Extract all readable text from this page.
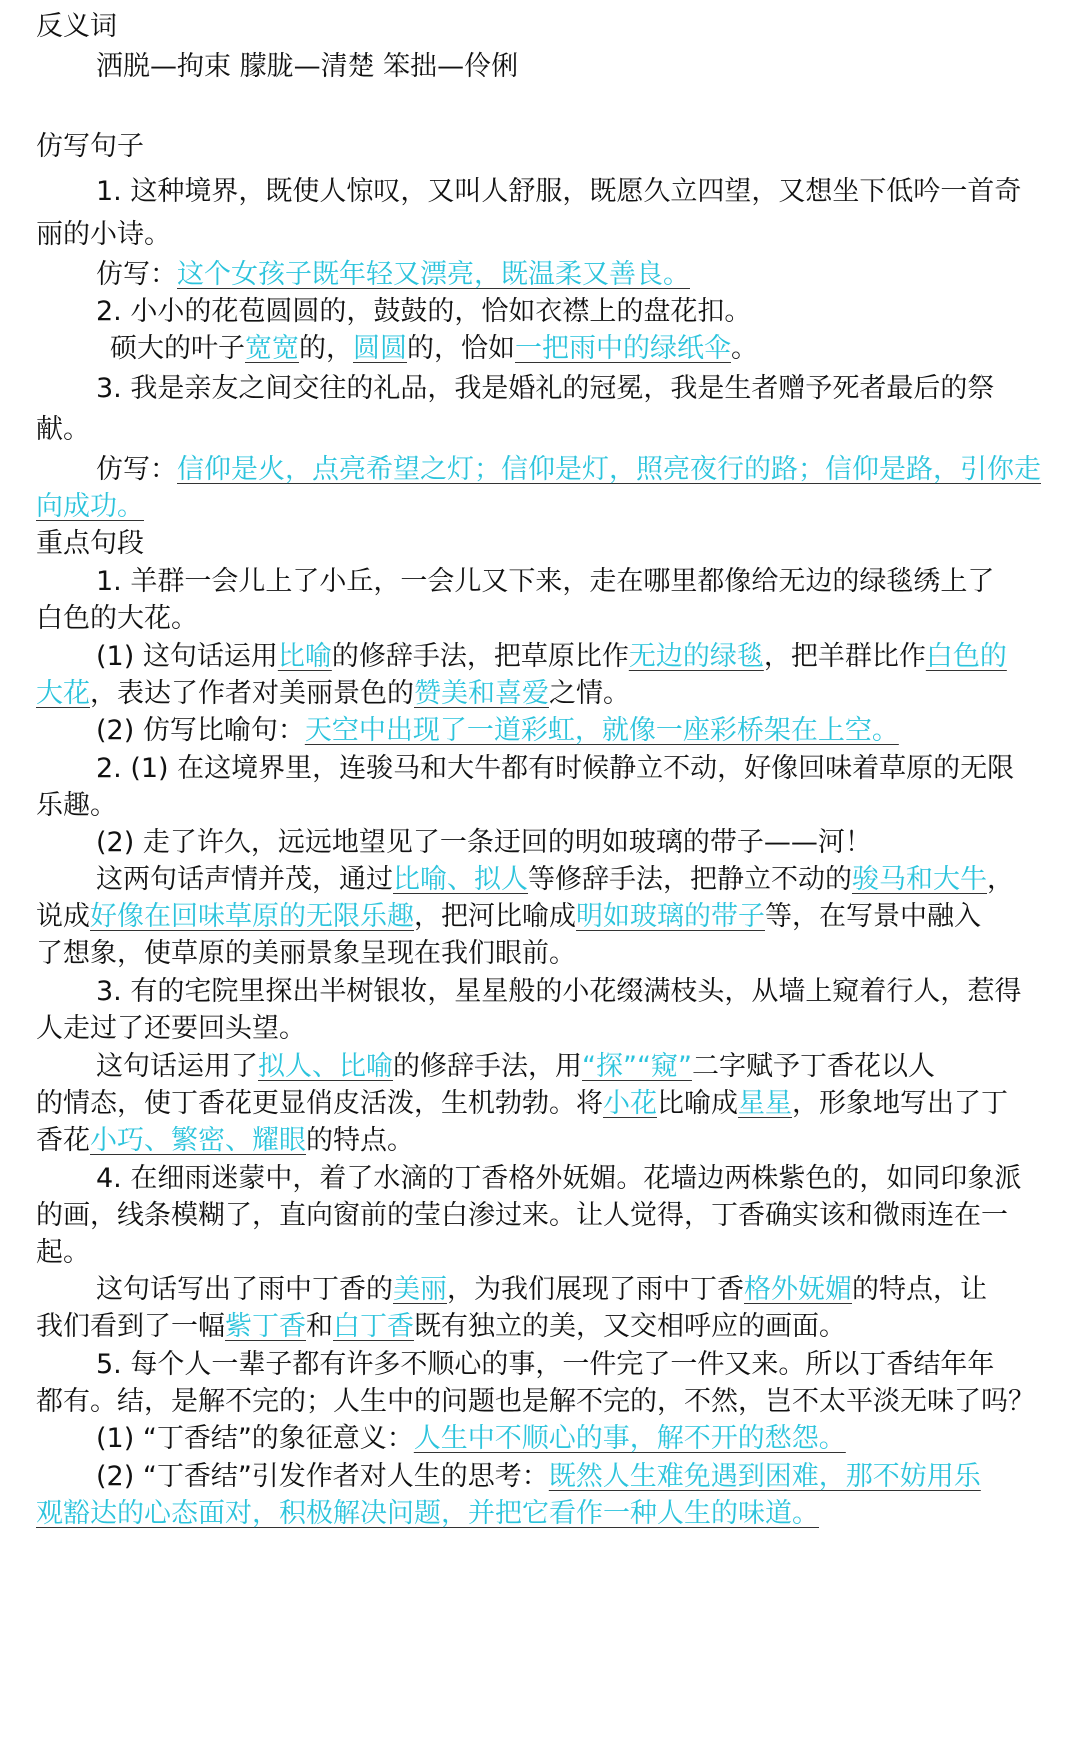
反义词
洒脱—拘束 朦胧—清楚 笨拙—伶俐
仿写句子
1. 这种境界，既使人惊叹，又叫人舒服，既愿久立四望，又想坐下低吟一首奇
丽的小诗。
仿写：这个女孩子既年轻又漂亮，既温柔又善良。
2. 小小的花苞圆圆的，鼓鼓的，恰如衣襟上的盘花扣。
硕大的叶子宽宽的，圆圆的，恰如一把雨中的绿纸伞。
3. 我是亲友之间交往的礼品，我是婚礼的冠冕，我是生者赠予死者最后的祭
献。
仿写：信仰是火，点亮希望之灯；信仰是灯，照亮夜行的路；信仰是路，引你走
向成功。
重点句段
1. 羊群一会儿上了小丘，一会儿又下来，走在哪里都像给无边的绿毯绣上了
白色的大花。
(1) 这句话运用比喻的修辞手法，把草原比作无边的绿毯，把羊群比作白色的
大花，表达了作者对美丽景色的赞美和喜爱之情。
(2) 仿写比喻句：天空中出现了一道彩虹，就像一座彩桥架在上空。
2. (1) 在这境界里，连骏马和大牛都有时候静立不动，好像回味着草原的无限
乐趣。
(2) 走了许久，远远地望见了一条迂回的明如玻璃的带子——河！
这两句话声情并茂，通过比喻、拟人等修辞手法，把静立不动的骏马和大牛，
说成好像在回味草原的无限乐趣，把河比喻成明如玻璃的带子等，在写景中融入
了想象，使草原的美丽景象呈现在我们眼前。
3. 有的宅院里探出半树银妆，星星般的小花缀满枝头，从墙上窥着行人，惹得
人走过了还要回头望。
这句话运用了拟人、比喻的修辞手法，用“探”“窥”二字赋予丁香花以人
的情态，使丁香花更显俏皮活泼，生机勃勃。将小花比喻成星星，形象地写出了丁
香花小巧、繁密、耀眼的特点。
4. 在细雨迷蒙中，着了水滴的丁香格外妩媚。花墙边两株紫色的，如同印象派
的画，线条模糊了，直向窗前的莹白渗过来。让人觉得，丁香确实该和微雨连在一
起。
这句话写出了雨中丁香的美丽，为我们展现了雨中丁香格外妩媚的特点，让
我们看到了一幅紫丁香和白丁香既有独立的美，又交相呼应的画面。
5. 每个人一辈子都有许多不顺心的事，一件完了一件又来。所以丁香结年年
都有。结，是解不完的；人生中的问题也是解不完的，不然，岂不太平淡无味了吗？
(1) “丁香结”的象征意义：人生中不顺心的事，解不开的愁怨。
(2) “丁香结”引发作者对人生的思考：既然人生难免遇到困难，那不妨用乐
观豁达的心态面对，积极解决问题，并把它看作一种人生的味道。
